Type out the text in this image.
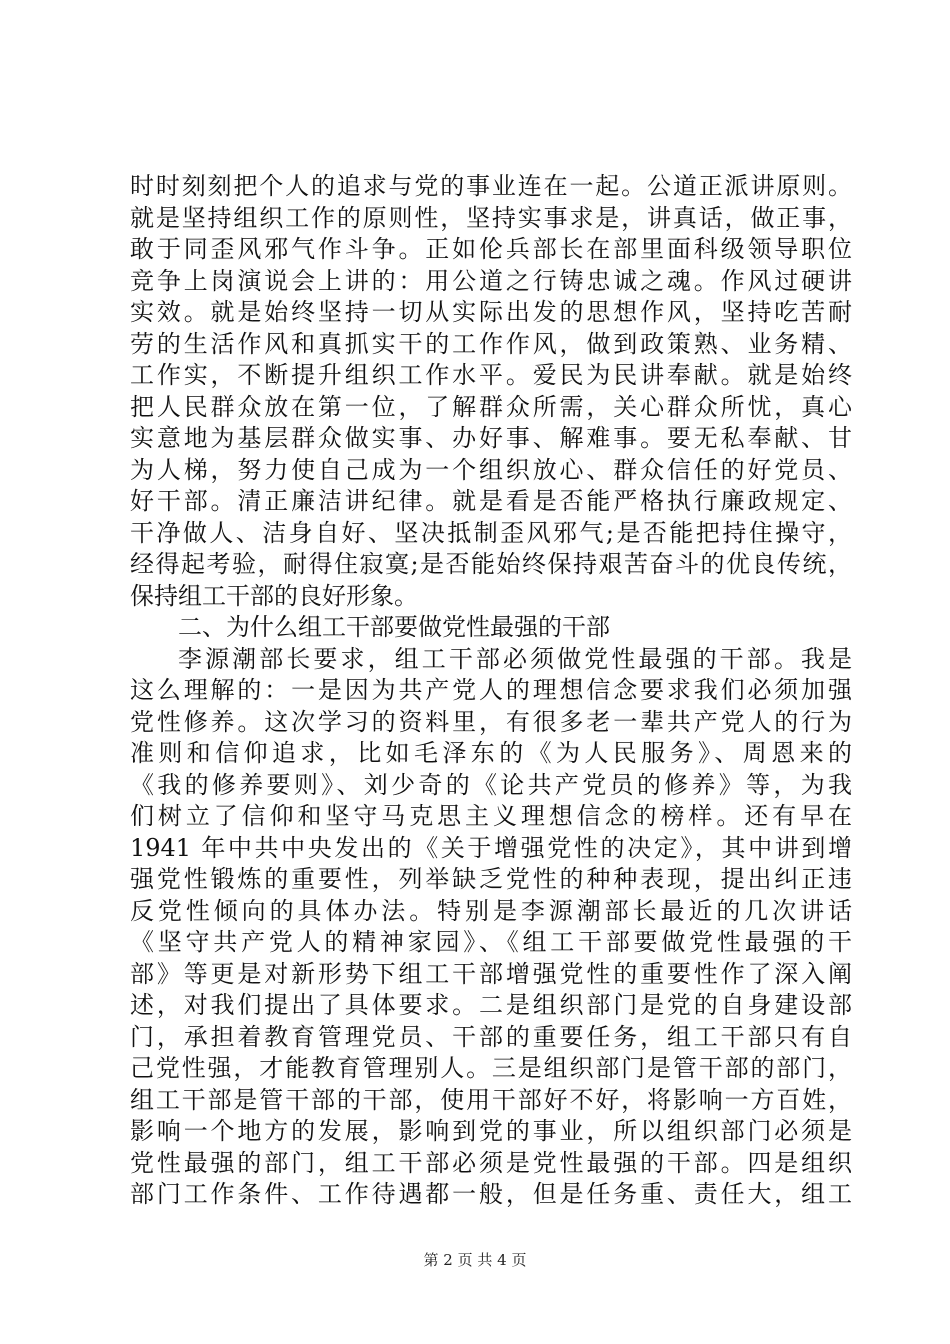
时时刻刻把个人的追求与党的事业连在一起。公道正派讲原则。
就是坚持组织工作的原则性，坚持实事求是，讲真话，做正事，
敢于同歪风邪气作斗争。正如伦兵部长在部里面科级领导职位
竞争上岗演说会上讲的：用公道之行铸忠诚之魂。作风过硬讲
实效。就是始终坚持一切从实际出发的思想作风，坚持吃苦耐
劳的生活作风和真抓实干的工作作风，做到政策熟、业务精、
工作实，不断提升组织工作水平。爱民为民讲奉献。就是始终
把人民群众放在第一位，了解群众所需，关心群众所忧，真心
实意地为基层群众做实事、办好事、解难事。要无私奉献、甘
为人梯，努力使自己成为一个组织放心、群众信任的好党员、
好干部。清正廉洁讲纪律。就是看是否能严格执行廉政规定、
干净做人、洁身自好、坚决抵制歪风邪气;是否能把持住操守，
经得起考验，耐得住寂寞;是否能始终保持艰苦奋斗的优良传统，
保持组工干部的良好形象。
二、为什么组工干部要做党性最强的干部
李源潮部长要求，组工干部必须做党性最强的干部。我是
这么理解的：一是因为共产党人的理想信念要求我们必须加强
党性修养。这次学习的资料里，有很多老一辈共产党人的行为
准则和信仰追求，比如毛泽东的《为人民服务》、周恩来的
《我的修养要则》、刘少奇的《论共产党员的修养》等，为我
们树立了信仰和坚守马克思主义理想信念的榜样。还有早在
1941 年中共中央发出的《关于增强党性的决定》，其中讲到增
强党性锻炼的重要性，列举缺乏党性的种种表现，提出纠正违
反党性倾向的具体办法。特别是李源潮部长最近的几次讲话
《坚守共产党人的精神家园》、《组工干部要做党性最强的干
部》等更是对新形势下组工干部增强党性的重要性作了深入阐
述，对我们提出了具体要求。二是组织部门是党的自身建设部
门，承担着教育管理党员、干部的重要任务，组工干部只有自
己党性强，才能教育管理别人。三是组织部门是管干部的部门，
组工干部是管干部的干部，使用干部好不好，将影响一方百姓，
影响一个地方的发展，影响到党的事业，所以组织部门必须是
党性最强的部门，组工干部必须是党性最强的干部。四是组织
部门工作条件、工作待遇都一般，但是任务重、责任大，组工
第 2 页 共 4 页
